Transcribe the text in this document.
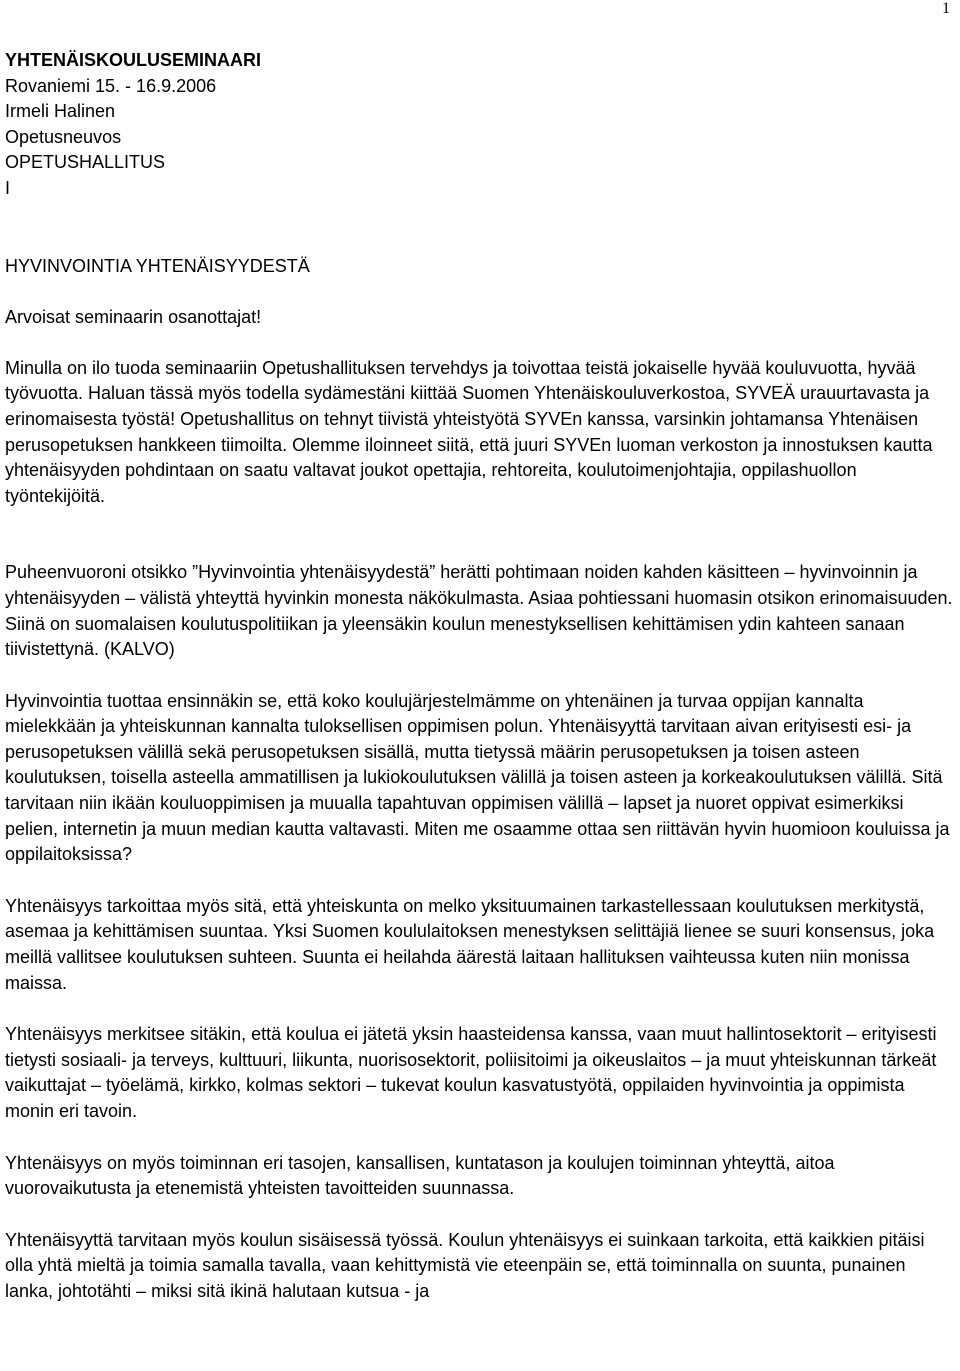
1
YHTENÄISKOULUSEMINAARI
Rovaniemi 15. - 16.9.2006
Irmeli Halinen
Opetusneuvos
OPETUSHALLITUS
I
HYVINVOINTIA YHTENÄISYYDESTÄ
Arvoisat seminaarin osanottajat!

Minulla on ilo tuoda seminaariin Opetushallituksen tervehdys ja toivottaa teistä jokaiselle hyvää kouluvuotta, hyvää työvuotta. Haluan tässä myös todella sydämestäni kiittää Suomen Yhtenäiskouluverkostoa, SYVEÄ urauurtavasta ja erinomaisesta työstä! Opetushallitus on tehnyt tiivistä yhteistyötä SYVEn kanssa, varsinkin johtamansa Yhtenäisen perusopetuksen hankkeen tiimoilta. Olemme iloinneet siitä, että juuri SYVEn luoman verkoston ja innostuksen kautta yhtenäisyyden pohdintaan on saatu valtavat joukot opettajia, rehtoreita, koulutoimenjohtajia, oppilashuollon työntekijöitä.

Puheenvuoroni otsikko ”Hyvinvointia yhtenäisyydestä” herätti pohtimaan noiden kahden käsitteen – hyvinvoinnin ja yhtenäisyyden – välistä yhteyttä hyvinkin monesta näkökulmasta. Asiaa pohtiessani huomasin otsikon erinomaisuuden. Siinä on suomalaisen koulutuspolitiikan ja yleensäkin koulun menestyksellisen kehittämisen ydin kahteen sanaan tiivistettynä. (KALVO)

Hyvinvointia tuottaa ensinnäkin se, että koko koulujärjestelmämme on yhtenäinen ja turvaa oppijan kannalta mielekkään ja yhteiskunnan kannalta tuloksellisen oppimisen polun. Yhtenäisyyttä tarvitaan aivan erityisesti esi- ja perusopetuksen välillä sekä perusopetuksen sisällä, mutta tietyssä määrin perusopetuksen ja toisen asteen koulutuksen, toisella asteella ammatillisen ja lukiokoulutuksen välillä ja toisen asteen ja korkeakoulutuksen välillä. Sitä tarvitaan niin ikään kouluoppimisen ja muualla tapahtuvan oppimisen välillä – lapset ja nuoret oppivat esimerkiksi pelien, internetin ja muun median kautta valtavasti. Miten me osaamme ottaa sen riittävän hyvin huomioon kouluissa ja oppilaitoksissa?

Yhtenäisyys tarkoittaa myös sitä, että yhteiskunta on melko yksituumainen tarkastellessaan koulutuksen merkitystä, asemaa ja kehittämisen suuntaa. Yksi Suomen koululaitoksen menestyksen selittäjiä lienee se suuri konsensus, joka meillä vallitsee koulutuksen suhteen. Suunta ei heilahda äärestä laitaan hallituksen vaihteussa kuten niin monissa maissa.

Yhtenäisyys merkitsee sitäkin, että koulua ei jätetä yksin haasteidensa kanssa, vaan muut hallintosektorit – erityisesti tietysti sosiaali- ja terveys, kulttuuri, liikunta, nuorisosektorit, poliisitoimi ja oikeuslaitos – ja muut yhteiskunnan tärkeät vaikuttajat – työelämä, kirkko, kolmas sektori – tukevat koulun kasvatustyötä, oppilaiden hyvinvointia ja oppimista monin eri tavoin.

Yhtenäisyys on myös toiminnan eri tasojen, kansallisen, kuntatason ja koulujen toiminnan yhteyttä, aitoa vuorovaikutusta ja etenemistä yhteisten tavoitteiden suunnassa.

Yhtenäisyyttä tarvitaan myös koulun sisäisessä työssä. Koulun yhtenäisyys ei suinkaan tarkoita, että kaikkien pitäisi olla yhtä mieltä ja toimia samalla tavalla, vaan kehittymistä vie eteenpäin se, että toiminnalla on suunta, punainen lanka, johtotähti – miksi sitä ikinä halutaan kutsua - ja
